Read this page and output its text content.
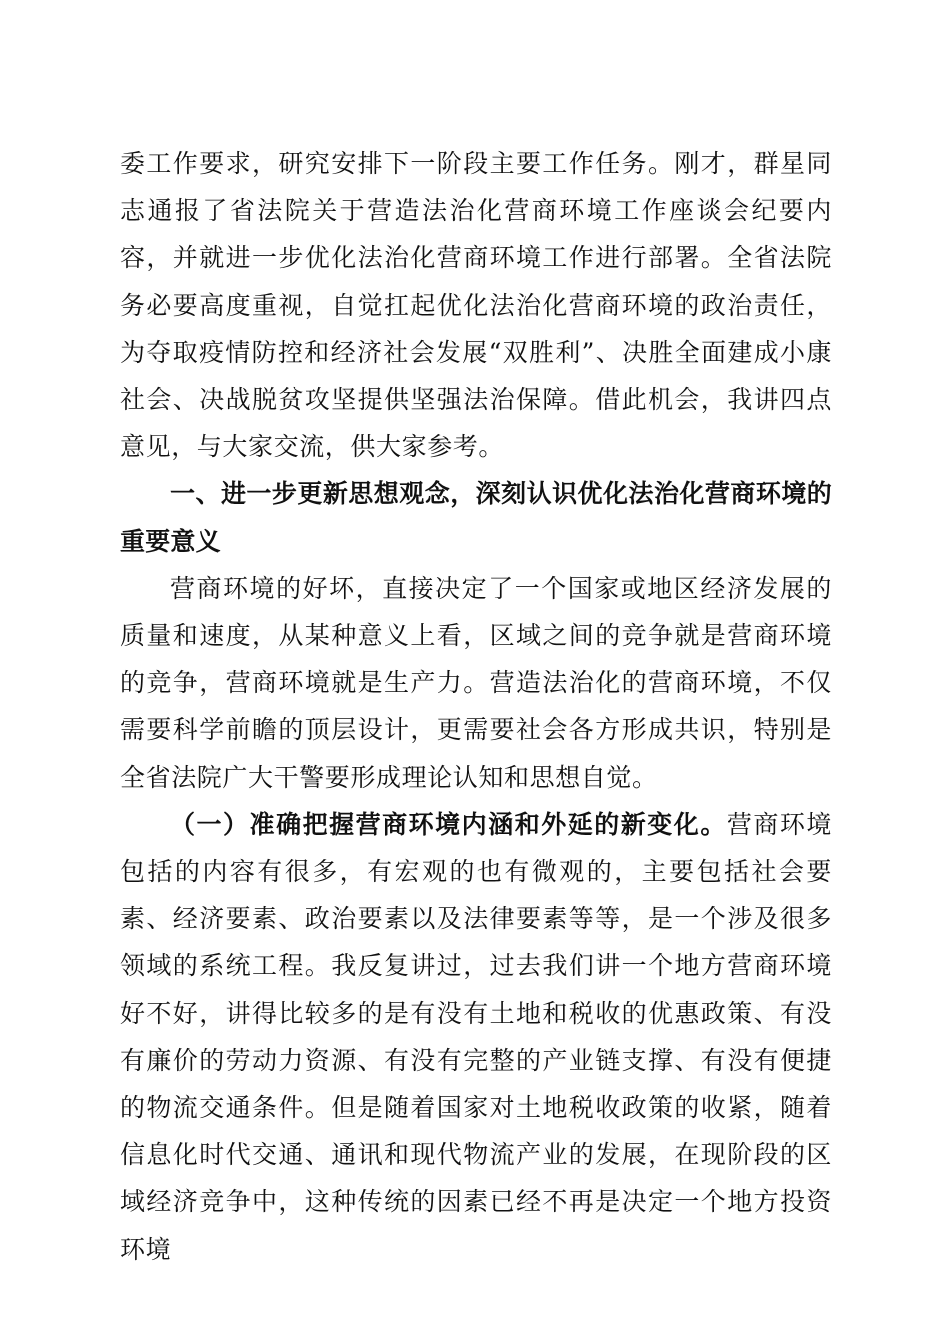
委工作要求，研究安排下一阶段主要工作任务。刚才，群星同志通报了省法院关于营造法治化营商环境工作座谈会纪要内容，并就进一步优化法治化营商环境工作进行部署。全省法院务必要高度重视，自觉扛起优化法治化营商环境的政治责任，为夺取疫情防控和经济社会发展“双胜利”、决胜全面建成小康社会、决战脱贫攻坚提供坚强法治保障。借此机会，我讲四点意见，与大家交流，供大家参考。

一、进一步更新思想观念，深刻认识优化法治化营商环境的重要意义

营商环境的好坏，直接决定了一个国家或地区经济发展的质量和速度，从某种意义上看，区域之间的竞争就是营商环境的竞争，营商环境就是生产力。营造法治化的营商环境，不仅需要科学前瞻的顶层设计，更需要社会各方形成共识，特别是全省法院广大干警要形成理论认知和思想自觉。

（一）准确把握营商环境内涵和外延的新变化。营商环境包括的内容有很多，有宏观的也有微观的，主要包括社会要素、经济要素、政治要素以及法律要素等等，是一个涉及很多领域的系统工程。我反复讲过，过去我们讲一个地方营商环境好不好，讲得比较多的是有没有土地和税收的优惠政策、有没有廉价的劳动力资源、有没有完整的产业链支撑、有没有便捷的物流交通条件。但是随着国家对土地税收政策的收紧，随着信息化时代交通、通讯和现代物流产业的发展，在现阶段的区域经济竞争中，这种传统的因素已经不再是决定一个地方投资环境
